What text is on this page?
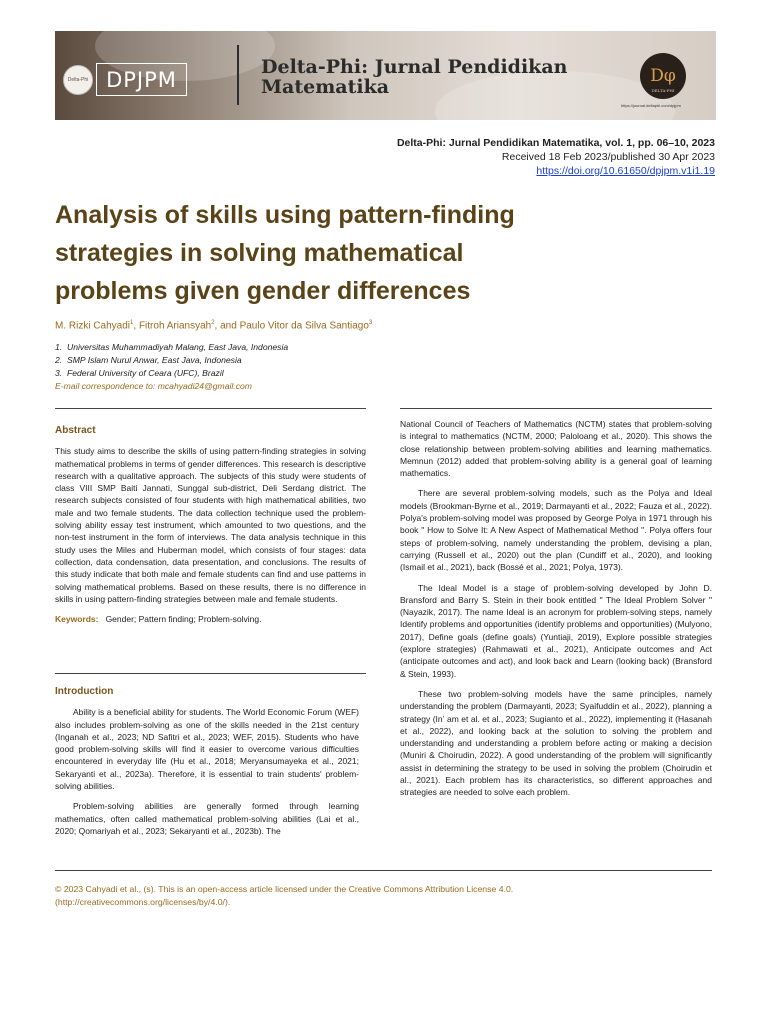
Delta-Phi DPJPM
Delta-Phi: Jurnal Pendidikan Matematika	Dφ
DELTA-PHI
https://journal.deltaphi.com/dpjpm
Delta-Phi: Jurnal Pendidikan Matematika, vol. 1, pp. 06–10, 2023
Received 18 Feb 2023/published 30 Apr 2023
https://doi.org/10.61650/dpjpm.v1i1.19
Analysis of skills using pattern-finding strategies in solving mathematical problems given gender differences
M. Rizki Cahyadi$^1$, Fitroh Ariansyah$^2$, and Paulo Vitor da Silva Santiago$^3$
1. Universitas Muhammadiyah Malang, East Java, Indonesia
2. SMP Islam Nurul Anwar, East Java, Indonesia
3. Federal University of Ceara (UFC), Brazil
E-mail correspondence to: mcahyadi24@gmail.com
Abstract

This study aims to describe the skills of using pattern-finding strategies in solving mathematical problems in terms of gender differences. This research is descriptive research with a qualitative approach. The subjects of this study were students of class VIII SMP Baiti Jannati, Sunggal sub-district, Deli Serdang district. The research subjects consisted of four students with high mathematical abilities, two male and two female students. The data collection technique used the problem-solving ability essay test instrument, which amounted to two questions, and the non-test instrument in the form of interviews. The data analysis technique in this study uses the Miles and Huberman model, which consists of four stages: data collection, data condensation, data presentation, and conclusions. The results of this study indicate that both male and female students can find and use patterns in solving mathematical problems. Based on these results, there is no difference in skills in using pattern-finding strategies between male and female students.

Keywords: Gender; Pattern finding; Problem-solving.

Introduction

Ability is a beneficial ability for students. The World Economic Forum (WEF) also includes problem-solving as one of the skills needed in the 21st century (Inganah et al., 2023; ND Safitri et al., 2023; WEF, 2015). Students who have good problem-solving skills will find it easier to overcome various difficulties encountered in everyday life (Hu et al., 2018; Meryansumayeka et al., 2021; Sekaryanti et al., 2023a). Therefore, it is essential to train students' problem-solving abilities.

Problem-solving abilities are generally formed through learning mathematics, often called mathematical problem-solving abilities (Lai et al., 2020; Qomariyah et al., 2023; Sekaryanti et al., 2023b). The

National Council of Teachers of Mathematics (NCTM) states that problem-solving is integral to mathematics (NCTM, 2000; Paloloang et al., 2020). This shows the close relationship between problem-solving abilities and learning mathematics. Memnun (2012) added that problem-solving ability is a general goal of learning mathematics.

There are several problem-solving models, such as the Polya and Ideal models (Brookman-Byrne et al., 2019; Darmayanti et al., 2022; Fauza et al., 2022). Polya's problem-solving model was proposed by George Polya in 1971 through his book " How to Solve It: A New Aspect of Mathematical Method ". Polya offers four steps of problem-solving, namely understanding the problem, devising a plan, carrying (Russell et al., 2020) out the plan (Cundiff et al., 2020), and looking (Ismail et al., 2021), back (Bossé et al., 2021; Polya, 1973).

The Ideal Model is a stage of problem-solving developed by John D. Bransford and Barry S. Stein in their book entitled " The Ideal Problem Solver " (Nayazik, 2017). The name Ideal is an acronym for problem-solving steps, namely Identify problems and opportunities (identify problems and opportunities) (Mulyono, 2017), Define goals (define goals) (Yuntiaji, 2019), Explore possible strategies (explore strategies) (Rahmawati et al., 2021), Anticipate outcomes and Act (anticipate outcomes and act), and look back and Learn (looking back) (Bransford & Stein, 1993).

These two problem-solving models have the same principles, namely understanding the problem (Darmayanti, 2023; Syaifuddin et al., 2022), planning a strategy (Inʼ am et al. et al., 2023; Sugianto et al., 2022), implementing it (Hasanah et al., 2022), and looking back at the solution to solving the problem and understanding and understanding a problem before acting or making a decision (Muniri & Choirudin, 2022). A good understanding of the problem will significantly assist in determining the strategy to be used in solving the problem (Choirudin et al., 2021). Each problem has its characteristics, so different approaches and strategies are needed to solve each problem.

© 2023 Cahyadi et al., (s). This is an open-access article licensed under the Creative Commons Attribution License 4.0.
(http://creativecommons.org/licenses/by/4.0/).
